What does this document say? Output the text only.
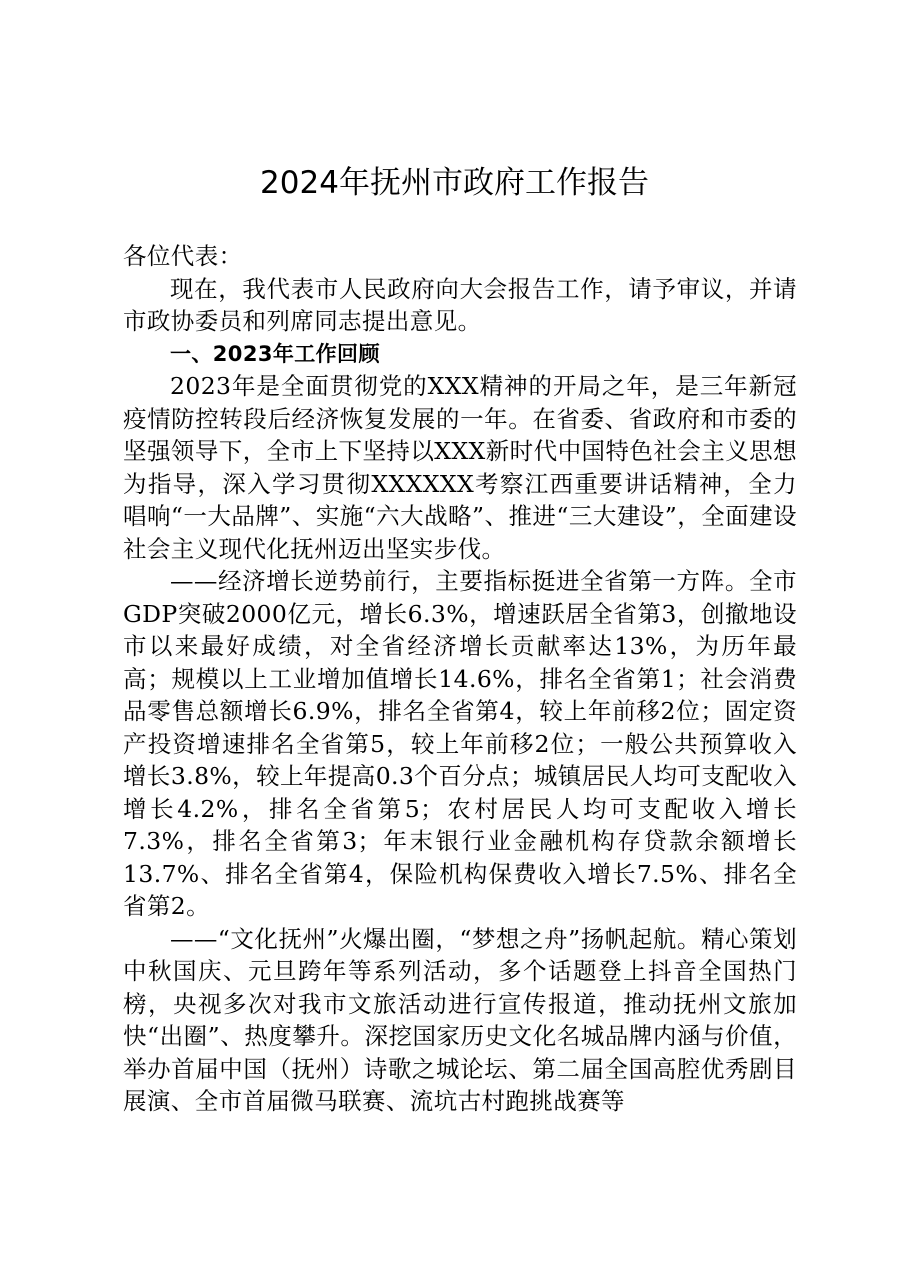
2024年抚州市政府工作报告

各位代表：

现在，我代表市人民政府向大会报告工作，请予审议，并请市政协委员和列席同志提出意见。

一、2023年工作回顾

2023年是全面贯彻党的XXX精神的开局之年，是三年新冠疫情防控转段后经济恢复发展的一年。在省委、省政府和市委的坚强领导下，全市上下坚持以XXX新时代中国特色社会主义思想为指导，深入学习贯彻XXXXXX考察江西重要讲话精神，全力唱响“一大品牌”、实施“六大战略”、推进“三大建设”，全面建设社会主义现代化抚州迈出坚实步伐。

——经济增长逆势前行，主要指标挺进全省第一方阵。全市GDP突破2000亿元，增长6.3%，增速跃居全省第3，创撤地设市以来最好成绩，对全省经济增长贡献率达13%，为历年最高；规模以上工业增加值增长14.6%，排名全省第1；社会消费品零售总额增长6.9%，排名全省第4，较上年前移2位；固定资产投资增速排名全省第5，较上年前移2位；一般公共预算收入增长3.8%，较上年提高0.3个百分点；城镇居民人均可支配收入增长4.2%，排名全省第5；农村居民人均可支配收入增长7.3%，排名全省第3；年末银行业金融机构存贷款余额增长13.7%、排名全省第4，保险机构保费收入增长7.5%、排名全省第2。

——“文化抚州”火爆出圈，“梦想之舟”扬帆起航。精心策划中秋国庆、元旦跨年等系列活动，多个话题登上抖音全国热门榜，央视多次对我市文旅活动进行宣传报道，推动抚州文旅加快“出圈”、热度攀升。深挖国家历史文化名城品牌内涵与价值，举办首届中国（抚州）诗歌之城论坛、第二届全国高腔优秀剧目展演、全市首届微马联赛、流坑古村跑挑战赛等
